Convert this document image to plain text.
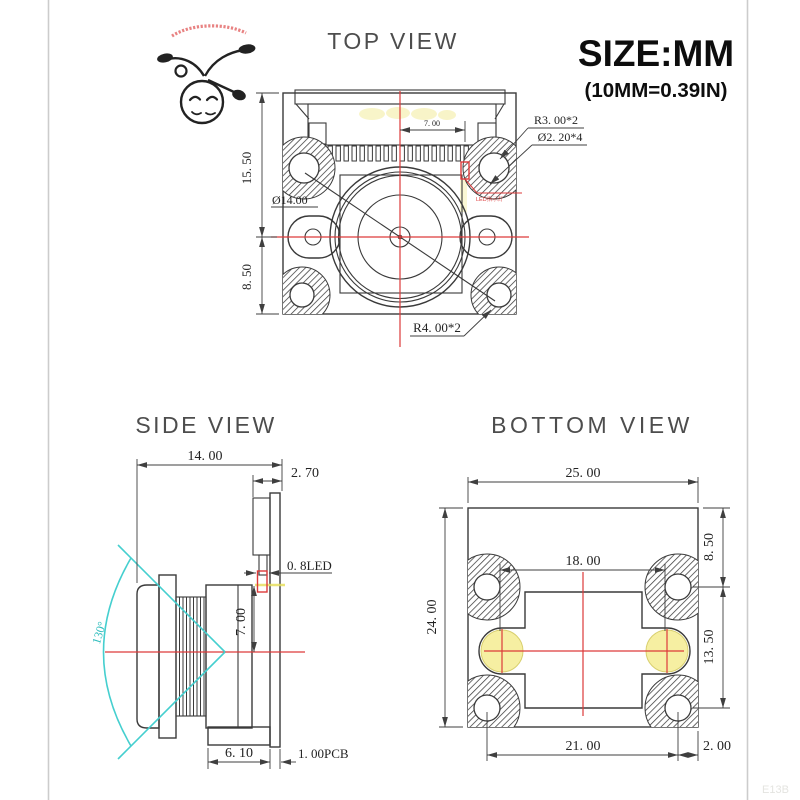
TOP VIEW	SIZE:MM
(10MM=0.39IN)
LED指示灯
7. 00
15. 50
8. 50
R3. 00*2
Ø2. 20*4
Ø14.00
R4. 00*2
SIDE VIEW
130°
14. 00
2. 70
0. 8LED
7. 00
6. 10	1. 00PCB
BOTTOM VIEW
25. 00
24. 00
8. 50
13. 50
18. 00
21. 00	2. 00
E13B
